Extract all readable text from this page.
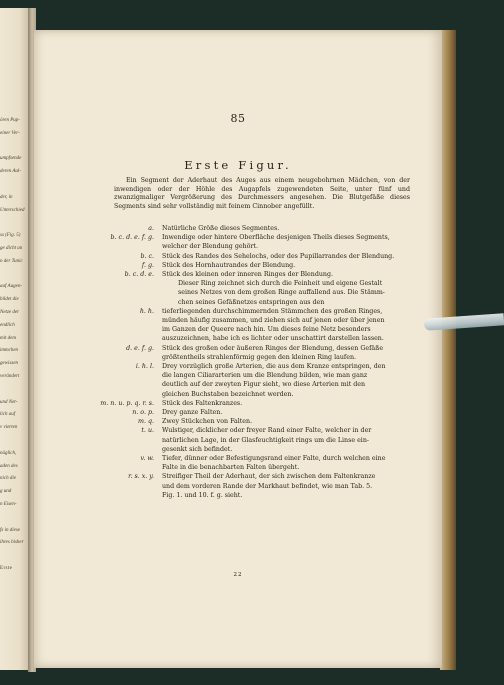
ören Pup-
einer Ver-
umpfsende
deren Aul-
der, in
Unterschied
ss (Fig. 5)
ge dicht an
n der Tunic
auf Augen-
bildet die
Netze der
endlich
mit dem
immchen
gewissen
verändert
und Net-
lich auf
v vierten
näglich,
aden des
nich die
g und
n Eisen-
fs in diese
ihres bisher
Erste
85
Erste Figur.

Ein Segment der Aderhaut des Auges aus einem neugebohrnen Mädchen, von der inwendigen oder der Höhle des Augapfels zugewendeten Seite, unter fünf und zwanzigmaliger Vergrößerung des Durchmessers angesehen. Die Blutgefäße dieses Segments sind sehr vollständig mit feinem Cinnober angefüllt.

a. Natürliche Größe dieses Segmentes.
b. c. d. e. f. g. Inwendige oder hintere Oberfläche desjenigen Theils dieses Segments,
welcher der Blendung gehört.
b. c. Stück des Randes des Sehelochs, oder des Pupillarrandes der Blendung.
f. g. Stück des Hornhautrandes der Blendung.
b. c. d. e. Stück des kleinen oder inneren Ringes der Blendung.
Dieser Ring zeichnet sich durch die Feinheit und eigene Gestalt
seines Netzes von dem großen Ringe auffallend aus. Die Stämm-
chen seines Gefäßnetzes entspringen aus den
h. h. tieferliegenden durchschimmernden Stämmchen des großen Ringes,
münden häufig zusammen, und ziehen sich auf jenen oder über jenen
im Ganzen der Queere nach hin. Um dieses feine Netz besonders
auszuzeichnen, habe ich es lichter oder unschattirt darstellen lassen.
d. e. f. g. Stück des großen oder äußeren Ringes der Blendung, dessen Gefäße
größtentheils strahlenförmig gegen den kleinen Ring laufen.
i. h. l. Drey vorzüglich große Arterien, die aus dem Kranze entspringen, den
die langen Ciliararterien um die Blendung bilden, wie man ganz
deutlich auf der zweyten Figur sieht, wo diese Arterien mit den
gleichen Buchstaben bezeichnet werden.
m. n. u. p. q. r. s. Stück des Faltenkranzes.
n. o. p. Drey ganze Falten.
m. q. Zwey Stückchen von Falten.
t. u. Wulstiger, dicklicher oder freyer Rand einer Falte, welcher in der
natürlichen Lage, in der Glasfeuchtigkeit rings um die Linse ein-
gesenkt sich befindet.
v. w. Tiefer, dünner oder Befestigungsrand einer Falte, durch welchen eine
Falte in die benachbarten Falten übergeht.
r. s. x. y. Streifiger Theil der Aderhaut, der sich zwischen dem Faltenkranze
und dem vorderen Rande der Markhaut befindet, wie man Tab. 5.
Fig. 1. und 10. f. g. sieht.
22
